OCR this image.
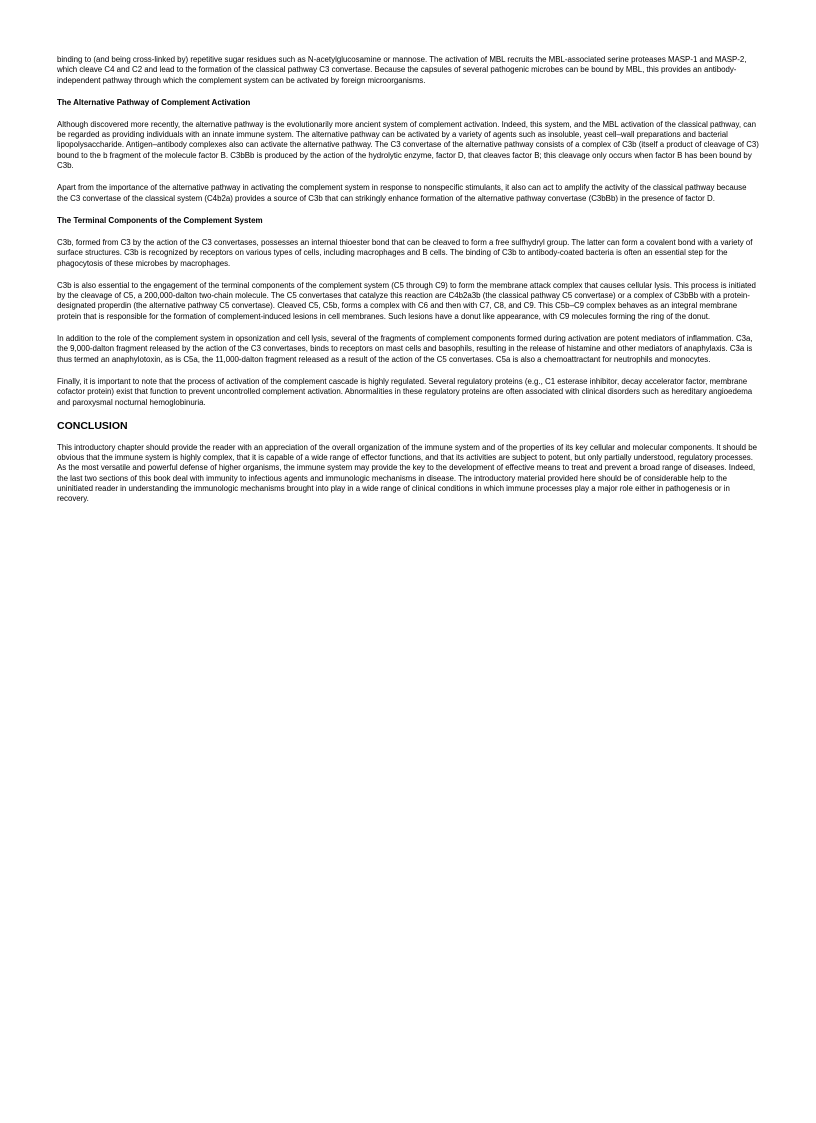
binding to (and being cross-linked by) repetitive sugar residues such as N-acetylglucosamine or mannose. The activation of MBL recruits the MBL-associated serine proteases MASP-1 and MASP-2, which cleave C4 and C2 and lead to the formation of the classical pathway C3 convertase. Because the capsules of several pathogenic microbes can be bound by MBL, this provides an antibody-independent pathway through which the complement system can be activated by foreign microorganisms.

The Alternative Pathway of Complement Activation

Although discovered more recently, the alternative pathway is the evolutionarily more ancient system of complement activation. Indeed, this system, and the MBL activation of the classical pathway, can be regarded as providing individuals with an innate immune system. The alternative pathway can be activated by a variety of agents such as insoluble, yeast cell–wall preparations and bacterial lipopolysaccharide. Antigen–antibody complexes also can activate the alternative pathway. The C3 convertase of the alternative pathway consists of a complex of C3b (itself a product of cleavage of C3) bound to the b fragment of the molecule factor B. C3bBb is produced by the action of the hydrolytic enzyme, factor D, that cleaves factor B; this cleavage only occurs when factor B has been bound by C3b.

Apart from the importance of the alternative pathway in activating the complement system in response to nonspecific stimulants, it also can act to amplify the activity of the classical pathway because the C3 convertase of the classical system (C4b2a) provides a source of C3b that can strikingly enhance formation of the alternative pathway convertase (C3bBb) in the presence of factor D.

The Terminal Components of the Complement System

C3b, formed from C3 by the action of the C3 convertases, possesses an internal thioester bond that can be cleaved to form a free sulfhydryl group. The latter can form a covalent bond with a variety of surface structures. C3b is recognized by receptors on various types of cells, including macrophages and B cells. The binding of C3b to antibody-coated bacteria is often an essential step for the phagocytosis of these microbes by macrophages.

C3b is also essential to the engagement of the terminal components of the complement system (C5 through C9) to form the membrane attack complex that causes cellular lysis. This process is initiated by the cleavage of C5, a 200,000-dalton two-chain molecule. The C5 convertases that catalyze this reaction are C4b2a3b (the classical pathway C5 convertase) or a complex of C3bBb with a protein-designated properdin (the alternative pathway C5 convertase). Cleaved C5, C5b, forms a complex with C6 and then with C7, C8, and C9. This C5b–C9 complex behaves as an integral membrane protein that is responsible for the formation of complement-induced lesions in cell membranes. Such lesions have a donut like appearance, with C9 molecules forming the ring of the donut.

In addition to the role of the complement system in opsonization and cell lysis, several of the fragments of complement components formed during activation are potent mediators of inflammation. C3a, the 9,000-dalton fragment released by the action of the C3 convertases, binds to receptors on mast cells and basophils, resulting in the release of histamine and other mediators of anaphylaxis. C3a is thus termed an anaphylotoxin, as is C5a, the 11,000-dalton fragment released as a result of the action of the C5 convertases. C5a is also a chemoattractant for neutrophils and monocytes.

Finally, it is important to note that the process of activation of the complement cascade is highly regulated. Several regulatory proteins (e.g., C1 esterase inhibitor, decay accelerator factor, membrane cofactor protein) exist that function to prevent uncontrolled complement activation. Abnormalities in these regulatory proteins are often associated with clinical disorders such as hereditary angioedema and paroxysmal nocturnal hemoglobinuria.

CONCLUSION

This introductory chapter should provide the reader with an appreciation of the overall organization of the immune system and of the properties of its key cellular and molecular components. It should be obvious that the immune system is highly complex, that it is capable of a wide range of effector functions, and that its activities are subject to potent, but only partially understood, regulatory processes. As the most versatile and powerful defense of higher organisms, the immune system may provide the key to the development of effective means to treat and prevent a broad range of diseases. Indeed, the last two sections of this book deal with immunity to infectious agents and immunologic mechanisms in disease. The introductory material provided here should be of considerable help to the uninitiated reader in understanding the immunologic mechanisms brought into play in a wide range of clinical conditions in which immune processes play a major role either in pathogenesis or in recovery.
